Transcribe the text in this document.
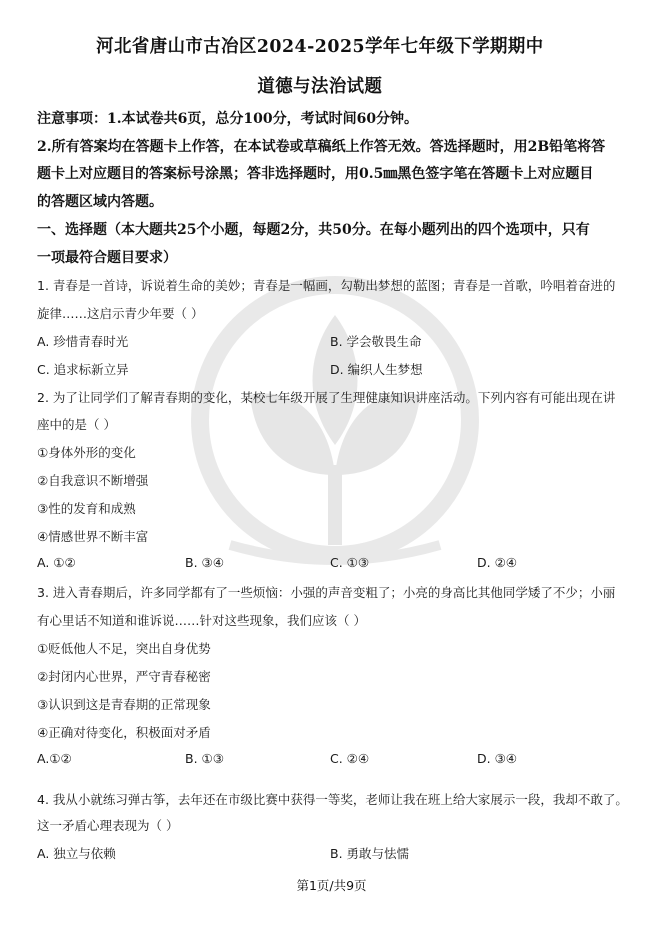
河北省唐山市古冶区2024-2025学年七年级下学期期中
道德与法治试题
注意事项：1.本试卷共6页，总分100分，考试时间60分钟。
2.所有答案均在答题卡上作答，在本试卷或草稿纸上作答无效。答选择题时，用2B铅笔将答
题卡上对应题目的答案标号涂黑；答非选择题时，用0.5㎜黑色签字笔在答题卡上对应题目
的答题区域内答题。
一、选择题（本大题共25个小题，每题2分，共50分。在每小题列出的四个选项中，只有
一项最符合题目要求）
1. 青春是一首诗，诉说着生命的美妙；青春是一幅画，勾勒出梦想的蓝图；青春是一首歌，吟唱着奋进的
旋律……这启示青少年要（ ）
A. 珍惜青春时光	B. 学会敬畏生命
C. 追求标新立异	D. 编织人生梦想
2. 为了让同学们了解青春期的变化，某校七年级开展了生理健康知识讲座活动。下列内容有可能出现在讲
座中的是（ ）
①身体外形的变化
②自我意识不断增强
③性的发育和成熟
④情感世界不断丰富
A. ①②	B. ③④	C. ①③	D. ②④
3. 进入青春期后，许多同学都有了一些烦恼：小强的声音变粗了；小亮的身高比其他同学矮了不少；小丽
有心里话不知道和谁诉说……针对这些现象，我们应该（ ）
①贬低他人不足，突出自身优势
②封闭内心世界，严守青春秘密
③认识到这是青春期的正常现象
④正确对待变化，积极面对矛盾
A.①②	B. ①③	C. ②④	D. ③④
4. 我从小就练习弹古筝，去年还在市级比赛中获得一等奖，老师让我在班上给大家展示一段，我却不敢了。
这一矛盾心理表现为（ ）
A. 独立与依赖	B. 勇敢与怯懦
第1页/共9页
